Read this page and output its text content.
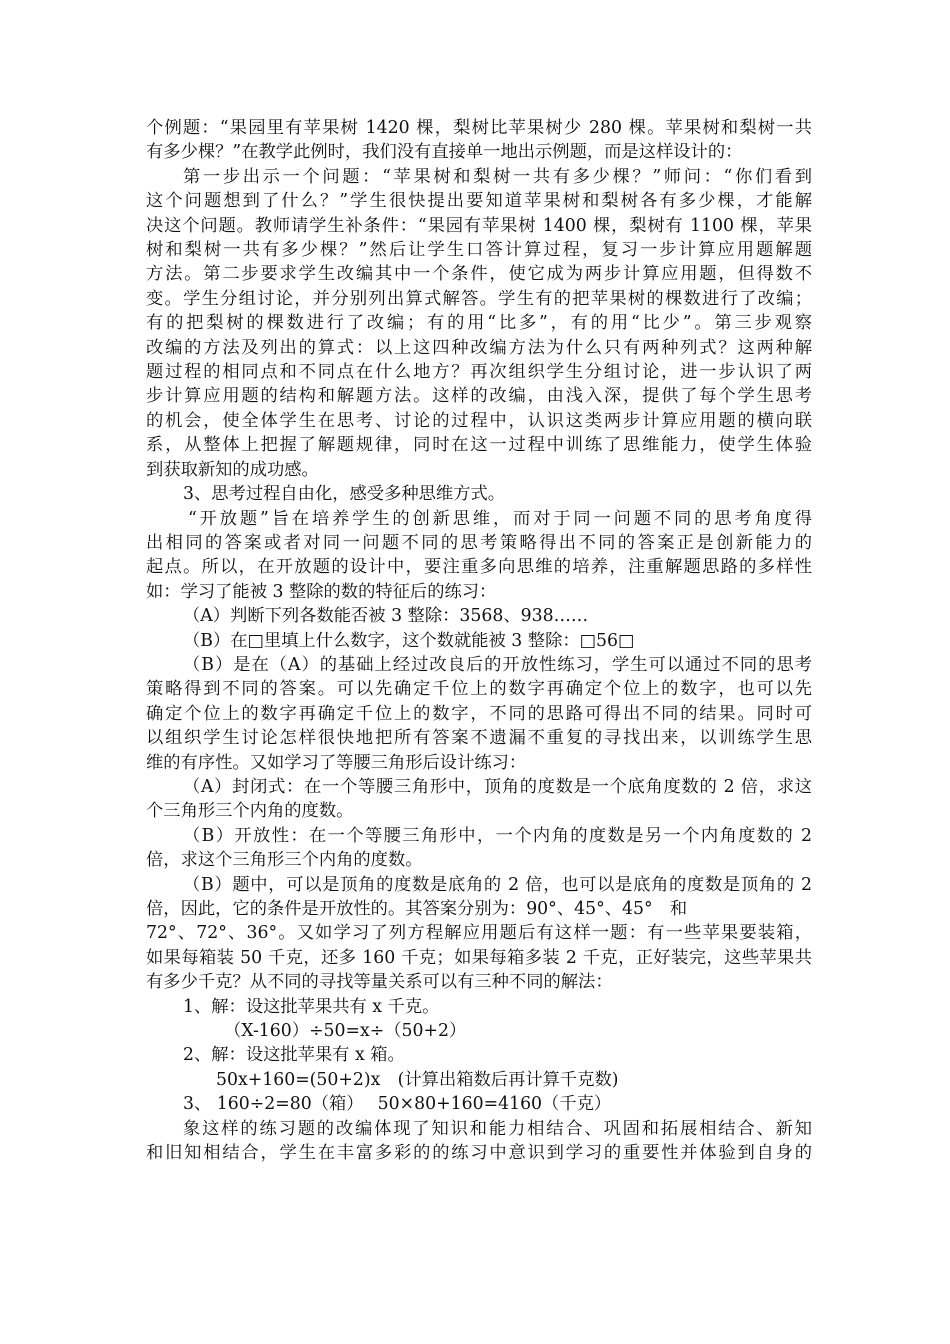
个例题：“果园里有苹果树 1420 棵，梨树比苹果树少 280 棵。苹果树和梨树一共
有多少棵？”在教学此例时，我们没有直接单一地出示例题，而是这样设计的：
第一步出示一个问题：“苹果树和梨树一共有多少棵？”师问：“你们看到
这个问题想到了什么？”学生很快提出要知道苹果树和梨树各有多少棵，才能解
决这个问题。教师请学生补条件：“果园有苹果树 1400 棵，梨树有 1100 棵，苹果
树和梨树一共有多少棵？”然后让学生口答计算过程，复习一步计算应用题解题
方法。第二步要求学生改编其中一个条件，使它成为两步计算应用题，但得数不
变。学生分组讨论，并分别列出算式解答。学生有的把苹果树的棵数进行了改编；
有的把梨树的棵数进行了改编；有的用“比多”，有的用“比少”。第三步观察
改编的方法及列出的算式：以上这四种改编方法为什么只有两种列式？这两种解
题过程的相同点和不同点在什么地方？再次组织学生分组讨论，进一步认识了两
步计算应用题的结构和解题方法。这样的改编，由浅入深，提供了每个学生思考
的机会，使全体学生在思考、讨论的过程中，认识这类两步计算应用题的横向联
系，从整体上把握了解题规律，同时在这一过程中训练了思维能力，使学生体验
到获取新知的成功感。
3、思考过程自由化，感受多种思维方式。
“开放题”旨在培养学生的创新思维，而对于同一问题不同的思考角度得
出相同的答案或者对同一问题不同的思考策略得出不同的答案正是创新能力的
起点。所以，在开放题的设计中，要注重多向思维的培养，注重解题思路的多样性
如：学习了能被 3 整除的数的特征后的练习：
（A）判断下列各数能否被 3 整除：3568、938……
（B）在□里填上什么数字，这个数就能被 3 整除：□56□
（B）是在（A）的基础上经过改良后的开放性练习，学生可以通过不同的思考
策略得到不同的答案。可以先确定千位上的数字再确定个位上的数字，也可以先
确定个位上的数字再确定千位上的数字，不同的思路可得出不同的结果。同时可
以组织学生讨论怎样很快地把所有答案不遗漏不重复的寻找出来，以训练学生思
维的有序性。又如学习了等腰三角形后设计练习：
（A）封闭式：在一个等腰三角形中，顶角的度数是一个底角度数的 2 倍，求这
个三角形三个内角的度数。
（B）开放性：在一个等腰三角形中，一个内角的度数是另一个内角度数的 2
倍，求这个三角形三个内角的度数。
（B）题中，可以是顶角的度数是底角的 2 倍，也可以是底角的度数是顶角的 2
倍，因此，它的条件是开放性的。其答案分别为：90°、45°、45°　和
72°、72°、36°。又如学习了列方程解应用题后有这样一题：有一些苹果要装箱，
如果每箱装 50 千克，还多 160 千克；如果每箱多装 2 千克，正好装完，这些苹果共
有多少千克？从不同的寻找等量关系可以有三种不同的解法：
1、解：设这批苹果共有 x 千克。
（X-160）÷50=x÷（50+2）
2、解：设这批苹果有 x 箱。
50x+160=(50+2)x　(计算出箱数后再计算千克数)
3、 160÷2=80（箱）　 50×80+160=4160（千克）
象这样的练习题的改编体现了知识和能力相结合、巩固和拓展相结合、新知
和旧知相结合，学生在丰富多彩的的练习中意识到学习的重要性并体验到自身的
